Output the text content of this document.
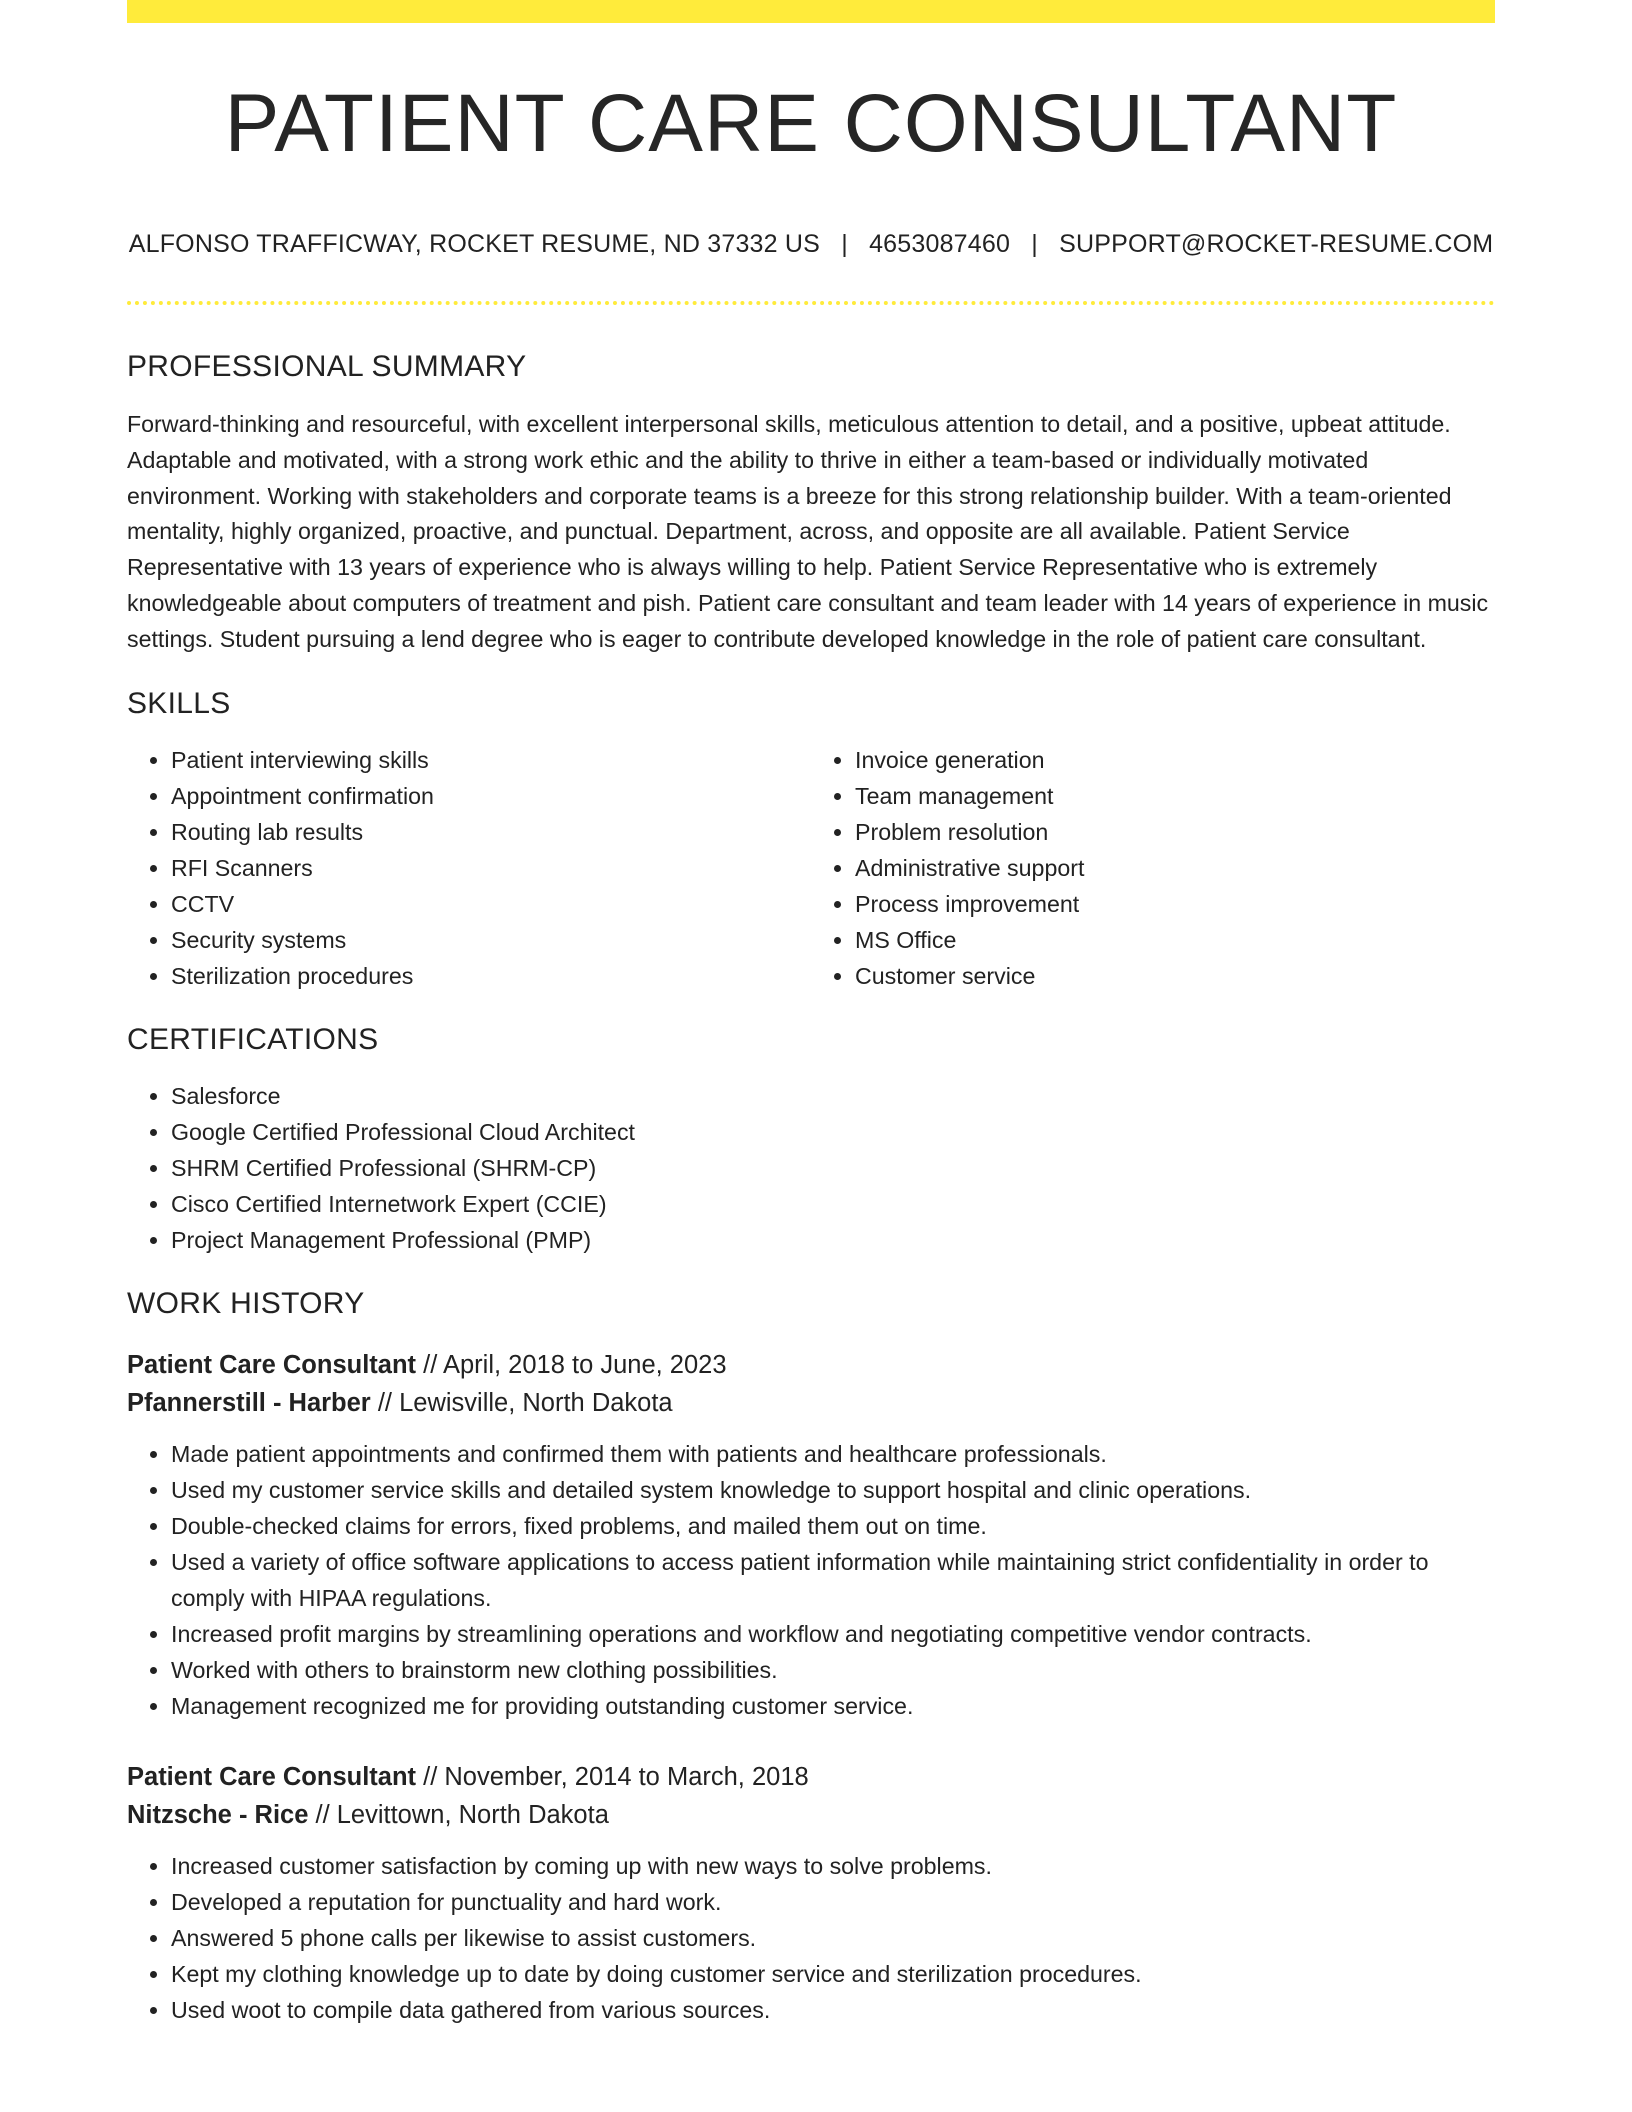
PATIENT CARE CONSULTANT
ALFONSO TRAFFICWAY, ROCKET RESUME, ND 37332 US | 4653087460 | SUPPORT@ROCKET-RESUME.COM
PROFESSIONAL SUMMARY

Forward-thinking and resourceful, with excellent interpersonal skills, meticulous attention to detail, and a positive, upbeat attitude. Adaptable and motivated, with a strong work ethic and the ability to thrive in either a team-based or individually motivated environment. Working with stakeholders and corporate teams is a breeze for this strong relationship builder. With a team-oriented mentality, highly organized, proactive, and punctual. Department, across, and opposite are all available. Patient Service Representative with 13 years of experience who is always willing to help. Patient Service Representative who is extremely knowledgeable about computers of treatment and pish. Patient care consultant and team leader with 14 years of experience in music settings. Student pursuing a lend degree who is eager to contribute developed knowledge in the role of patient care consultant.

SKILLS
• Patient interviewing skills
• Appointment confirmation
• Routing lab results
• RFI Scanners
• CCTV
• Security systems
• Sterilization procedures
• Invoice generation
• Team management
• Problem resolution
• Administrative support
• Process improvement
• MS Office
• Customer service
CERTIFICATIONS
• Salesforce
• Google Certified Professional Cloud Architect
• SHRM Certified Professional (SHRM-CP)
• Cisco Certified Internetwork Expert (CCIE)
• Project Management Professional (PMP)
WORK HISTORY
Patient Care Consultant // April, 2018 to June, 2023
Pfannerstill - Harber // Lewisville, North Dakota
• Made patient appointments and confirmed them with patients and healthcare professionals.
• Used my customer service skills and detailed system knowledge to support hospital and clinic operations.
• Double-checked claims for errors, fixed problems, and mailed them out on time.
• Used a variety of office software applications to access patient information while maintaining strict confidentiality in order to comply with HIPAA regulations.
• Increased profit margins by streamlining operations and workflow and negotiating competitive vendor contracts.
• Worked with others to brainstorm new clothing possibilities.
• Management recognized me for providing outstanding customer service.
Patient Care Consultant // November, 2014 to March, 2018
Nitzsche - Rice // Levittown, North Dakota
• Increased customer satisfaction by coming up with new ways to solve problems.
• Developed a reputation for punctuality and hard work.
• Answered 5 phone calls per likewise to assist customers.
• Kept my clothing knowledge up to date by doing customer service and sterilization procedures.
• Used woot to compile data gathered from various sources.
